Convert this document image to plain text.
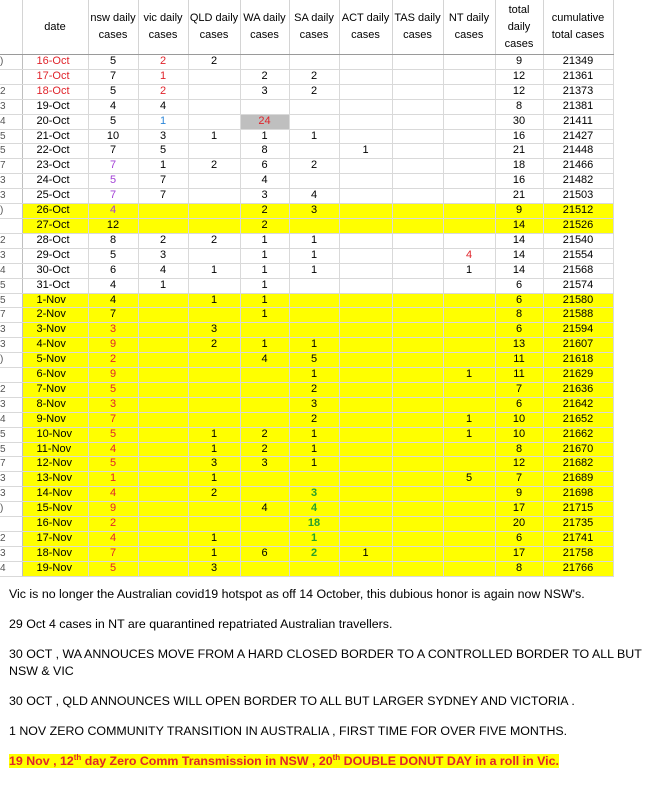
	date	nsw daily cases	vic daily cases	QLD daily cases	WA daily cases	SA daily cases	ACT daily cases	TAS daily cases	NT daily cases	total daily cases	cumulative total cases
)	16-Oct	5	2	2						9	21349
	17-Oct	7	1		2	2				12	21361
2	18-Oct	5	2		3	2				12	21373
3	19-Oct	4	4							8	21381
4	20-Oct	5	1		24					30	21411
5	21-Oct	10	3	1	1	1				16	21427
5	22-Oct	7	5		8		1			21	21448
7	23-Oct	7	1	2	6	2				18	21466
3	24-Oct	5	7		4					16	21482
3	25-Oct	7	7		3	4				21	21503
)	26-Oct	4			2	3				9	21512
	27-Oct	12			2					14	21526
2	28-Oct	8	2	2	1	1				14	21540
3	29-Oct	5	3		1	1			4	14	21554
4	30-Oct	6	4	1	1	1			1	14	21568
5	31-Oct	4	1		1					6	21574
5	1-Nov	4		1	1					6	21580
7	2-Nov	7			1					8	21588
3	3-Nov	3		3						6	21594
3	4-Nov	9		2	1	1				13	21607
)	5-Nov	2			4	5				11	21618
	6-Nov	9				1			1	11	21629
2	7-Nov	5				2				7	21636
3	8-Nov	3				3				6	21642
4	9-Nov	7				2			1	10	21652
5	10-Nov	5		1	2	1			1	10	21662
5	11-Nov	4		1	2	1				8	21670
7	12-Nov	5		3	3	1				12	21682
3	13-Nov	1		1					5	7	21689
3	14-Nov	4		2		3				9	21698
)	15-Nov	9			4	4				17	21715
	16-Nov	2				18				20	21735
2	17-Nov	4		1		1				6	21741
3	18-Nov	7		1	6	2	1			17	21758
4	19-Nov	5		3						8	21766

Vic is no longer the Australian covid19 hotspot as off 14 October, this dubious honor is again now NSW's.

29 Oct 4 cases in NT are quarantined repatriated Australian travellers.

30 OCT , WA ANNOUCES MOVE FROM A HARD CLOSED BORDER TO A CONTROLLED BORDER TO ALL BUT NSW & VIC

30 OCT , QLD ANNOUNCES WILL OPEN BORDER TO ALL BUT LARGER SYDNEY AND VICTORIA .

1 NOV ZERO COMMUNITY TRANSITION IN AUSTRALIA , FIRST TIME FOR OVER FIVE MONTHS.

19 Nov , 12th day Zero Comm Transmission in NSW , 20th DOUBLE DONUT DAY in a roll in Vic.
